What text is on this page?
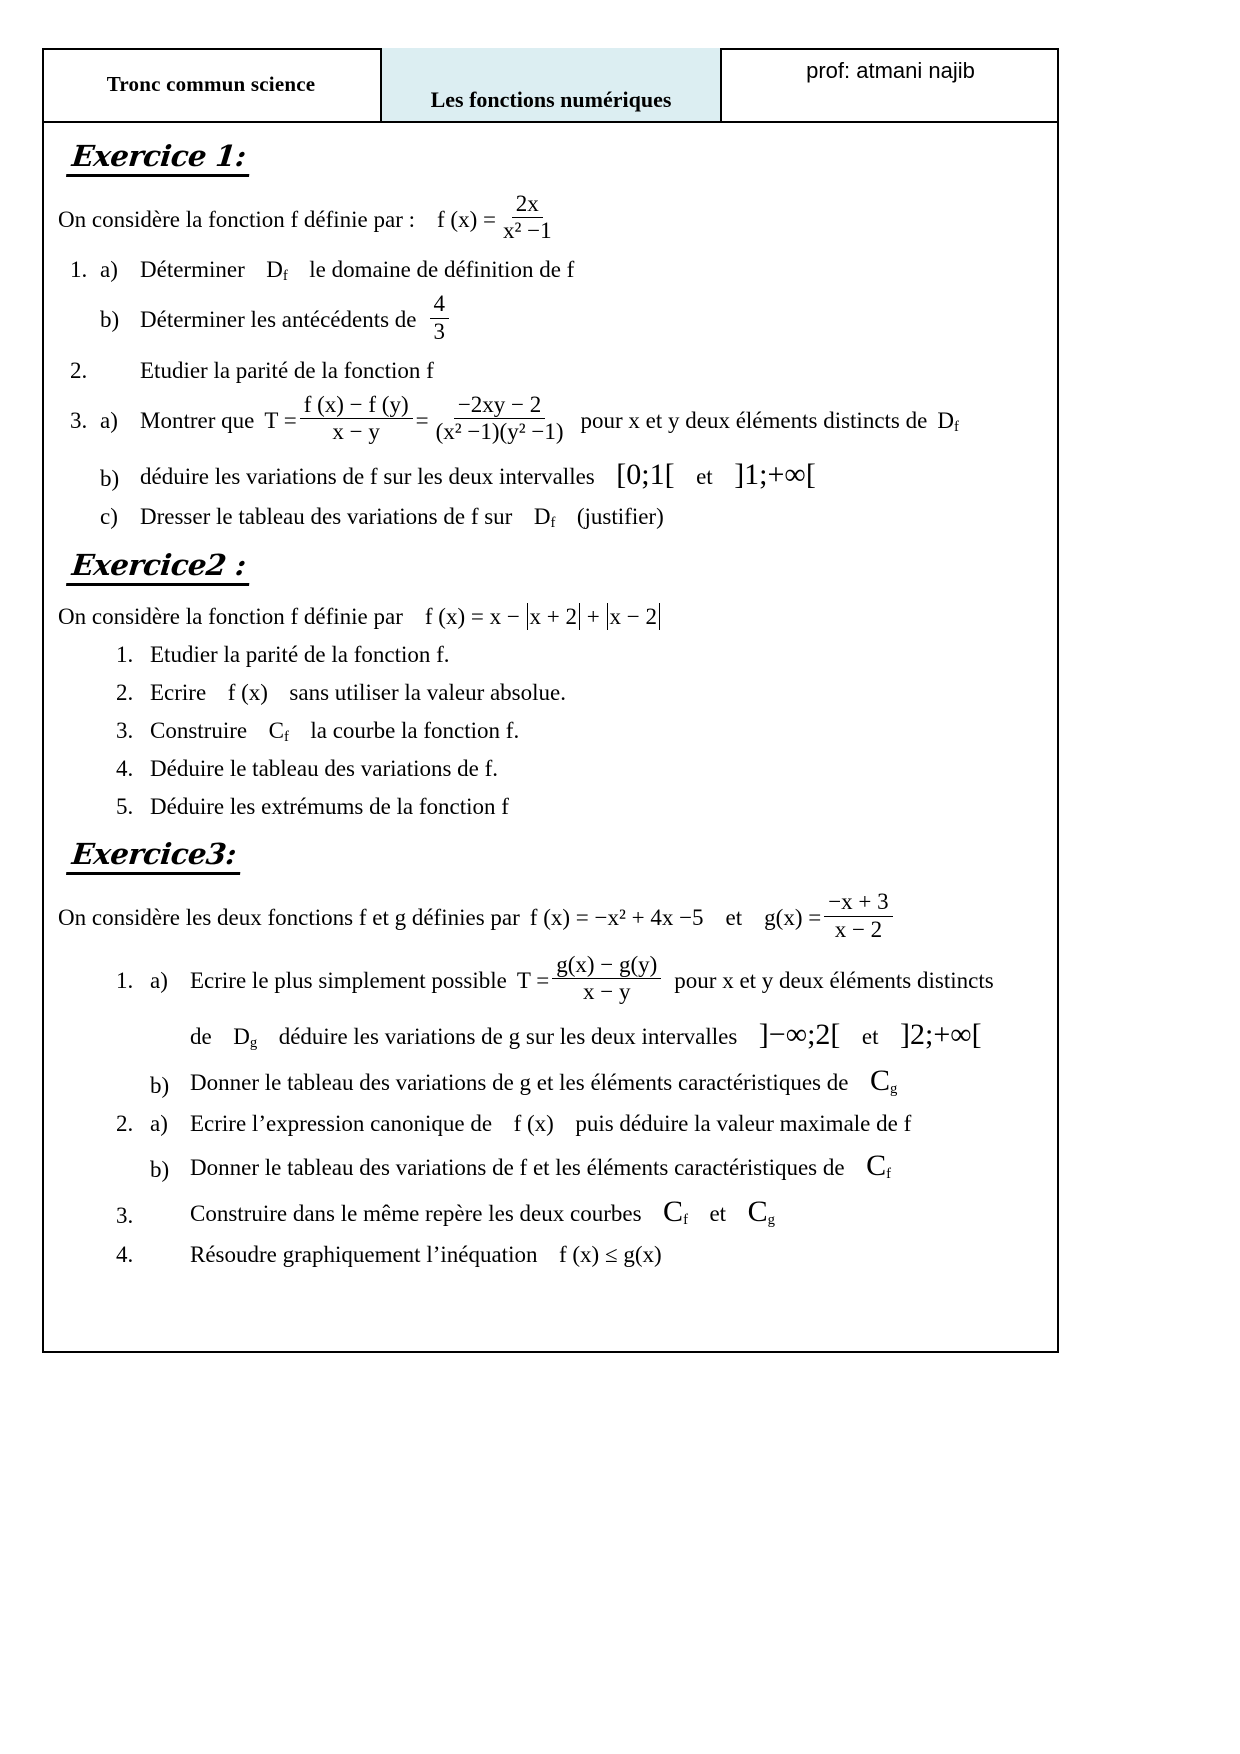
Tronc commun science
Les fonctions numériques
prof: atmani najib
Exercice 1:
On considère la fonction f définie par : f $(x) = \frac{2x}{\text{x² −1}}$
1. a) Déterminer $D_f$ le domaine de définition de f
b) Déterminer les antécédents de $\frac{4}{3}$
2.	Etudier la parité de la fonction f
3. a) Montrer que $T = \frac{f (x) - f (y)}{x - y} = \frac{-2xy - 2}{\text{(x² −1)(y² −1)}}$ pour x et y deux éléments distincts de $D_f$
b) déduire les variations de f sur les deux intervalles [0;1[ et ]1;+∞[
c) Dresser le tableau des variations de f sur $D_f$ (justifier)
Exercice2 :
On considère la fonction f définie par f (x) = x − x + 2 + x − 2
1. Etudier la parité de la fonction f.
2. Ecrire f (x) sans utiliser la valeur absolue.
3. Construire $C_f$ la courbe la fonction f.
4. Déduire le tableau des variations de f.
5. Déduire les extrémums de la fonction f
Exercice3:
On considère les deux fonctions f et g définies par f (x) = −x² + 4x −5 et $g(x) = \frac{-x + 3}{x - 2}$
1. a) Ecrire le plus simplement possible $T = \frac{g(x) - g(y)}{x - y}$ pour x et y deux éléments distincts
de $D_g$ déduire les variations de g sur les deux intervalles ]−∞;2[ et ]2;+∞[
b) Donner le tableau des variations de g et les éléments caractéristiques de $C_g$
2. a) Ecrire l’expression canonique de f (x) puis déduire la valeur maximale de f
b) Donner le tableau des variations de f et les éléments caractéristiques de $C_f$
3.	Construire dans le même repère les deux courbes $C_f$ et $C_g$
4.	Résoudre graphiquement l’inéquation f (x) ≤ g(x)
